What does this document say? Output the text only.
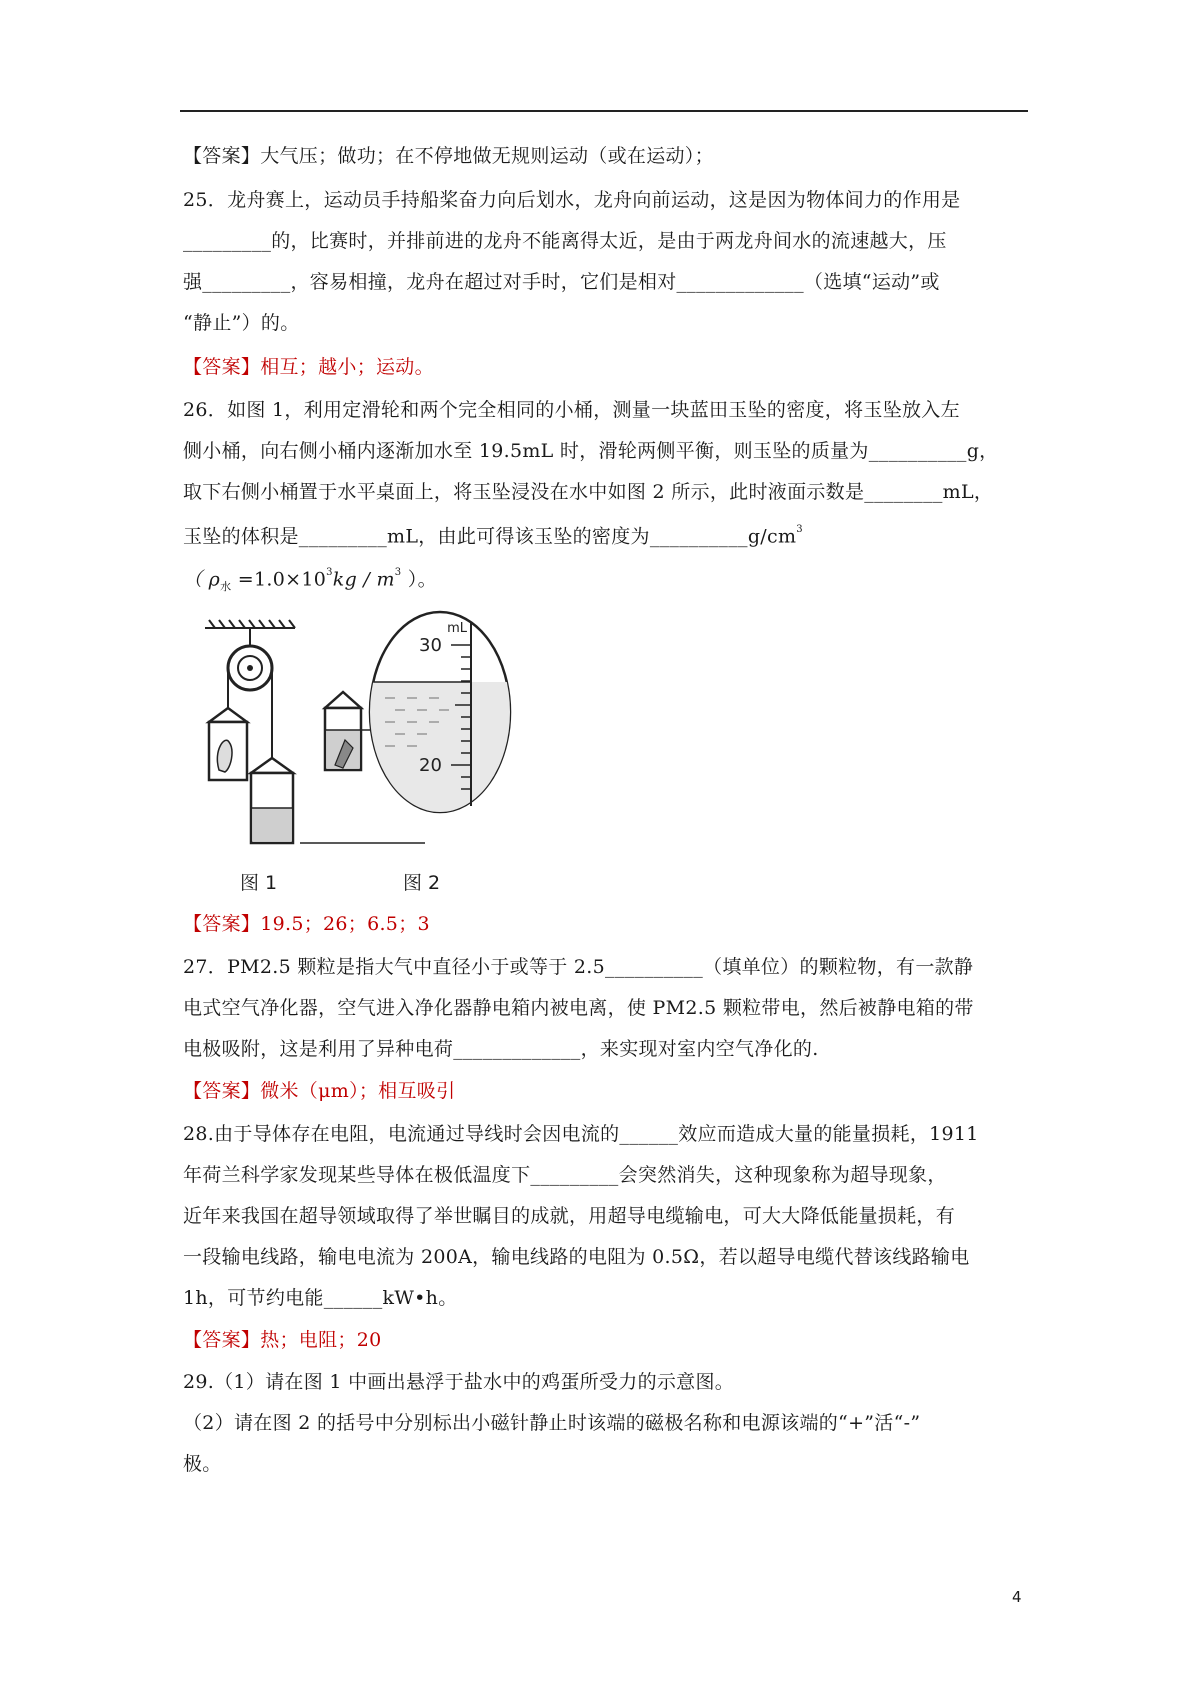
【答案】大气压；做功；在不停地做无规则运动（或在运动）；
25．龙舟赛上，运动员手持船桨奋力向后划水，龙舟向前运动，这是因为物体间力的作用是
_________的，比赛时，并排前进的龙舟不能离得太近，是由于两龙舟间水的流速越大，压
强_________，容易相撞，龙舟在超过对手时，它们是相对_____________（选填“运动”或
“静止”）的。
【答案】相互；越小；运动。
26．如图 1，利用定滑轮和两个完全相同的小桶，测量一块蓝田玉坠的密度，将玉坠放入左
侧小桶，向右侧小桶内逐渐加水至 19.5mL 时，滑轮两侧平衡，则玉坠的质量为__________g，
取下右侧小桶置于水平桌面上，将玉坠浸没在水中如图 2 所示，此时液面示数是________mL，
玉坠的体积是_________mL，由此可得该玉坠的密度为$\_\_\_\_\_\_\_\_\_\_g/cm^3$
（ $\rho_水 =1.0\times 10^3kg / m^3$ ）。
mL
30
20
图 1	图 2
【答案】19.5；26；6.5；3
27．PM2.5 颗粒是指大气中直径小于或等于 2.5__________（填单位）的颗粒物，有一款静
电式空气净化器，空气进入净化器静电箱内被电离，使 PM2.5 颗粒带电，然后被静电箱的带
电极吸附，这是利用了异种电荷_____________，来实现对室内空气净化的.
【答案】微米（μm）；相互吸引
28.由于导体存在电阻，电流通过导线时会因电流的______效应而造成大量的能量损耗，1911
年荷兰科学家发现某些导体在极低温度下_________会突然消失，这种现象称为超导现象，
近年来我国在超导领域取得了举世瞩目的成就，用超导电缆输电，可大大降低能量损耗，有
一段输电线路，输电电流为 200A，输电线路的电阻为 0.5Ω，若以超导电缆代替该线路输电
1h，可节约电能______kW•h。
【答案】热；电阻；20
29.（1）请在图 1 中画出悬浮于盐水中的鸡蛋所受力的示意图。
（2）请在图 2 的括号中分别标出小磁针静止时该端的磁极名称和电源该端的“+”活“-”
极。
4
